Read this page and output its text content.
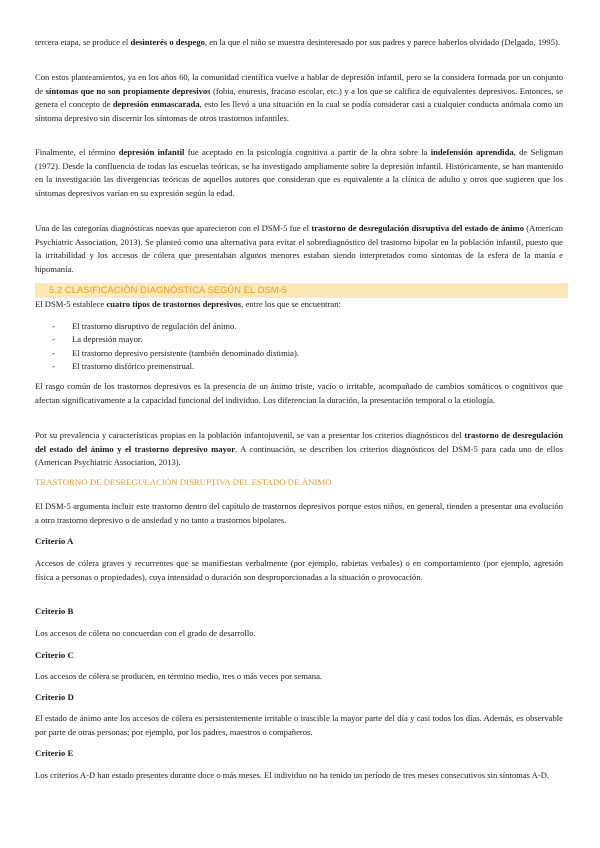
tercera etapa, se produce el desinterés o despego, en la que el niño se muestra desinteresado por sus padres y parece haberlos olvidado (Delgado, 1995).

Con estos planteamientos, ya en los años 60, la comunidad científica vuelve a hablar de depresión infantil, pero se la considera formada por un conjunto de síntomas que no son propiamente depresivos (fobia, enuresis, fracaso escolar, etc.) y a los que se califica de equivalentes depresivos. Entonces, se genera el concepto de depresión enmascarada, esto les llevó a una situación en la cual se podía considerar casi a cualquier conducta anómala como un síntoma depresivo sin discernir los síntomas de otros trastornos infantiles.

Finalmente, el término depresión infantil fue aceptado en la psicología cognitiva a partir de la obra sobre la indefensión aprendida, de Seligman (1972). Desde la confluencia de todas las escuelas teóricas, se ha investigado ampliamente sobre la depresión infantil. Históricamente, se han mantenido en la investigación las divergencias teóricas de aquellos autores que consideran que es equivalente a la clínica de adulto y otros que sugieren que los síntomas depresivos varían en su expresión según la edad.

Una de las categorías diagnósticas nuevas que aparecieron con el DSM-5 fue el trastorno de desregulación disruptiva del estado de ánimo (American Psychiatric Association, 2013). Se planteó como una alternativa para evitar el sobrediagnóstico del trastorno bipolar en la población infantil, puesto que la irritabilidad y los accesos de cólera que presentaban algunos menores estaban siendo interpretados como síntomas de la esfera de la manía e hipomanía.

5.2 CLASIFICACIÓN DIAGNÓSTICA SEGÚN EL DSM-5

El DSM-5 establece cuatro tipos de trastornos depresivos, entre los que se encuentran:

- El trastorno disruptivo de regulación del ánimo.
- La depresión mayor.
- El trastorno depresivo persistente (también denominado distimia).
- El trastorno disfórico premenstrual.

El rasgo común de los trastornos depresivos es la presencia de un ánimo triste, vacío o irritable, acompañado de cambios somáticos o cognitivos que afectan significativamente a la capacidad funcional del individuo. Los diferencian la duración, la presentación temporal o la etiología.

Por su prevalencia y características propias en la población infantojuvenil, se van a presentar los criterios diagnósticos del trastorno de desregulación del estado del ánimo y el trastorno depresivo mayor. A continuación, se describen los criterios diagnósticos del DSM-5 para cada uno de ellos (American Psychiatric Association, 2013).

TRASTORNO DE DESREGULACIÓN DISRUPTIVA DEL ESTADO DE ÁNIMO

El DSM-5 argumenta incluir este trastorno dentro del capítulo de trastornos depresivos porque estos niños, en general, tienden a presentar una evolución a otro trastorno depresivo o de ansiedad y no tanto a trastornos bipolares.

Criterio A

Accesos de cólera graves y recurrentes que se manifiestan verbalmente (por ejemplo, rabietas verbales) o en comportamiento (por ejemplo, agresión física a personas o propiedades), cuya intensidad o duración son desproporcionadas a la situación o provocación.

Criterio B

Los accesos de cólera no concuerdan con el grado de desarrollo.

Criterio C

Los accesos de cólera se producen, en término medio, tres o más veces por semana.

Criterio D

El estado de ánimo ante los accesos de cólera es persistentemente irritable o irascible la mayor parte del día y casi todos los días. Además, es observable por parte de otras personas; por ejemplo, por los padres, maestros o compañeros.

Criterio E

Los criterios A-D han estado presentes durante doce o más meses. El individuo no ha tenido un período de tres meses consecutivos sin síntomas A-D.
